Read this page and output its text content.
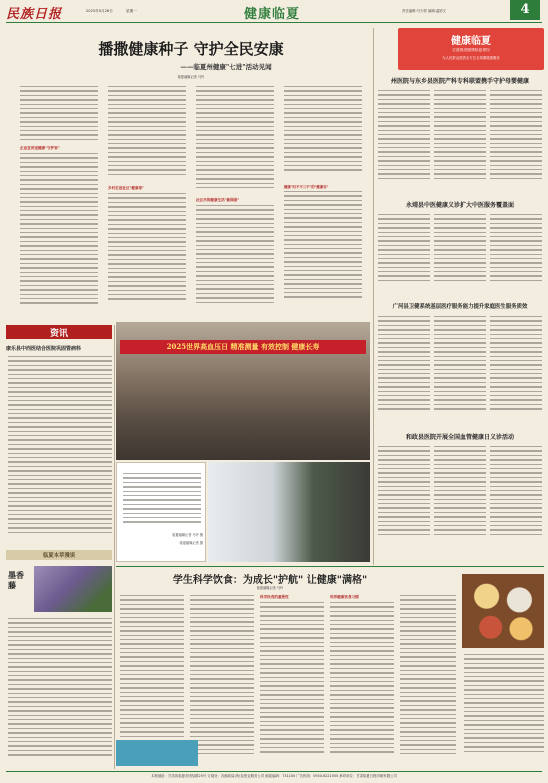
民族日报	2025年5月26日	星期一	健康临夏	责任编辑:马少婷 编辑:温婷文	4
播撒健康种子 守护全民安康
——临夏州健康"七进"活动见闻
临夏融媒记者 马玲
企业宣讲送健康"守护家"
乡村走进社区"健康家"
社区共筑健康生活"新图景"
健康"四不不三不"的"健康谷"
健康临夏
全面推进健康临夏建设
为人民群众提供全方位全周期健康服务
州医院与东乡县医院产科专科联盟携手守护母婴健康
永靖县中医健康义诊扩大中医服务覆盖面
广河县卫健系统基层医疗服务能力提升家庭医生服务质效
和政县医院开展全国血管健康日义诊活动
资讯
康乐县中西医结合医院巩固管病科
临夏本草漫谈
墨香藤
2025世界高血压日 精准测量 有效控制 健康长寿
临夏融媒记者 马玲 摄
临夏融媒记者 摄
学生科学饮食：为成长"护航" 让健康"满格"
临夏融媒记者 马玲
科学饮食的重要性	培养健康饮食习惯
本报地址：甘肃省临夏市团结路25号 订阅处：各邮政局(所)及报业服务公司 邮政编码：731100 广告热线：0930-6221505 承印单位：甘肃临夏日报印刷有限公司
